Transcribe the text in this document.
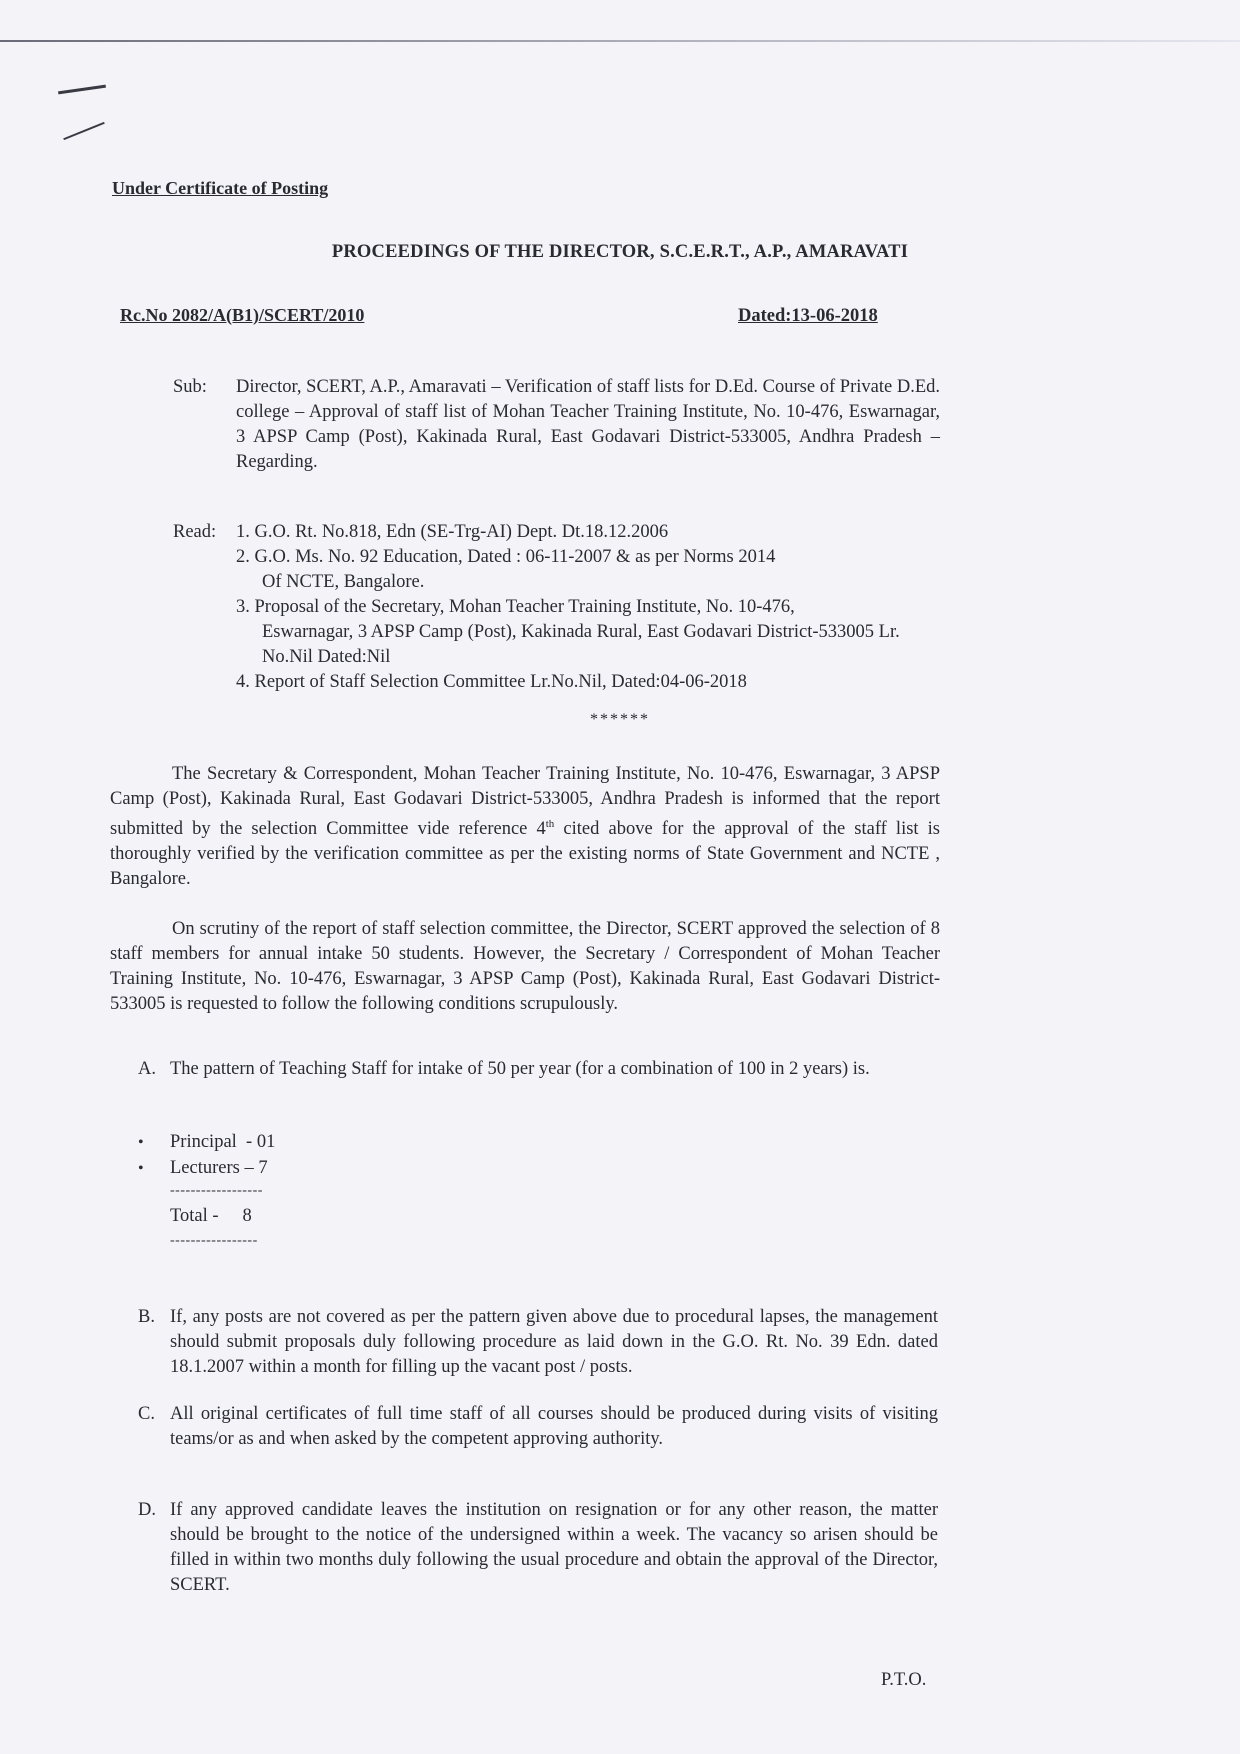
Under Certificate of Posting
PROCEEDINGS OF THE DIRECTOR, S.C.E.R.T., A.P., AMARAVATI
Rc.No 2082/A(B1)/SCERT/2010	Dated:13-06-2018
Sub: Director, SCERT, A.P., Amaravati – Verification of staff lists for D.Ed. Course of Private D.Ed. college – Approval of staff list of Mohan Teacher Training Institute, No. 10-476, Eswarnagar, 3 APSP Camp (Post), Kakinada Rural, East Godavari District-533005, Andhra Pradesh –Regarding.
Read: 1. G.O. Rt. No.818, Edn (SE-Trg-AI) Dept. Dt.18.12.2006

2. G.O. Ms. No. 92 Education, Dated : 06-11-2007 & as per Norms 2014
Of NCTE, Bangalore.

3. Proposal of the Secretary, Mohan Teacher Training Institute, No. 10-476,
Eswarnagar, 3 APSP Camp (Post), Kakinada Rural, East Godavari District-533005 Lr. No.Nil Dated:Nil

4. Report of Staff Selection Committee Lr.No.Nil, Dated:04-06-2018

******
The Secretary & Correspondent, Mohan Teacher Training Institute, No. 10-476, Eswarnagar, 3 APSP Camp (Post), Kakinada Rural, East Godavari District-533005, Andhra Pradesh is informed that the report submitted by the selection Committee vide reference 4th cited above for the approval of the staff list is thoroughly verified by the verification committee as per the existing norms of State Government and NCTE , Bangalore.
On scrutiny of the report of staff selection committee, the Director, SCERT approved the selection of 8 staff members for annual intake 50 students. However, the Secretary / Correspondent of Mohan Teacher Training Institute, No. 10-476, Eswarnagar, 3 APSP Camp (Post), Kakinada Rural, East Godavari District-533005 is requested to follow the following conditions scrupulously.
A. The pattern of Teaching Staff for intake of 50 per year (for a combination of 100 in 2 years) is.
• Principal - 01
• Lecturers – 7
------------------
Total - 8
-----------------
B. If, any posts are not covered as per the pattern given above due to procedural lapses, the management should submit proposals duly following procedure as laid down in the G.O. Rt. No. 39 Edn. dated 18.1.2007 within a month for filling up the vacant post / posts.
C. All original certificates of full time staff of all courses should be produced during visits of visiting teams/or as and when asked by the competent approving authority.
D. If any approved candidate leaves the institution on resignation or for any other reason, the matter should be brought to the notice of the undersigned within a week. The vacancy so arisen should be filled in within two months duly following the usual procedure and obtain the approval of the Director, SCERT.
P.T.O.
